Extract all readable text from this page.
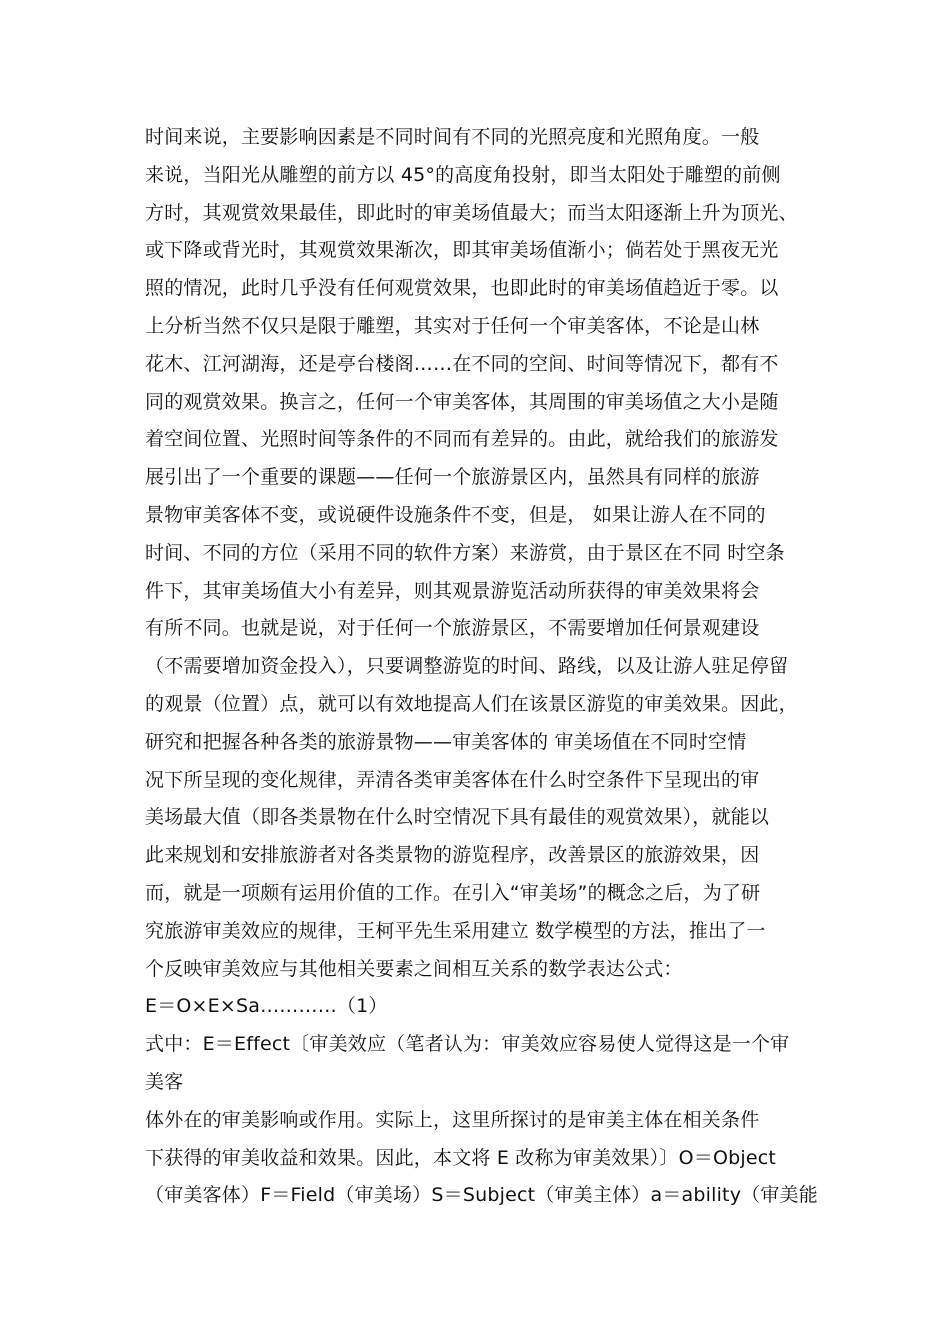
时间来说，主要影响因素是不同时间有不同的光照亮度和光照角度。一般
来说，当阳光从雕塑的前方以 45°的高度角投射，即当太阳处于雕塑的前侧
方时，其观赏效果最佳，即此时的审美场值最大；而当太阳逐渐上升为顶光、
或下降或背光时，其观赏效果渐次，即其审美场值渐小；倘若处于黑夜无光
照的情况，此时几乎没有任何观赏效果，也即此时的审美场值趋近于零。以
上分析当然不仅只是限于雕塑，其实对于任何一个审美客体，不论是山林
花木、江河湖海，还是亭台楼阁……在不同的空间、时间等情况下，都有不
同的观赏效果。换言之，任何一个审美客体，其周围的审美场值之大小是随
着空间位置、光照时间等条件的不同而有差异的。由此，就给我们的旅游发
展引出了一个重要的课题——任何一个旅游景区内，虽然具有同样的旅游
景物审美客体不变，或说硬件设施条件不变，但是， 如果让游人在不同的
时间、不同的方位（采用不同的软件方案）来游赏，由于景区在不同 时空条
件下，其审美场值大小有差异，则其观景游览活动所获得的审美效果将会
有所不同。也就是说，对于任何一个旅游景区，不需要增加任何景观建设
（不需要增加资金投入），只要调整游览的时间、路线，以及让游人驻足停留
的观景（位置）点，就可以有效地提高人们在该景区游览的审美效果。因此，
研究和把握各种各类的旅游景物——审美客体的 审美场值在不同时空情
况下所呈现的变化规律，弄清各类审美客体在什么时空条件下呈现出的审
美场最大值（即各类景物在什么时空情况下具有最佳的观赏效果），就能以
此来规划和安排旅游者对各类景物的游览程序，改善景区的旅游效果，因
而，就是一项颇有运用价值的工作。在引入“审美场”的概念之后，为了研
究旅游审美效应的规律，王柯平先生采用建立 数学模型的方法，推出了一
个反映审美效应与其他相关要素之间相互关系的数学表达公式：
E＝O×E×Sa…………（1）
式中：E＝Effect〔审美效应（笔者认为：审美效应容易使人觉得这是一个审
美客
体外在的审美影响或作用。实际上，这里所探讨的是审美主体在相关条件
下获得的审美收益和效果。因此，本文将 E 改称为审美效果）〕O＝Object
（审美客体）F＝Field（审美场）S＝Subject（审美主体）a＝ability（审美能
